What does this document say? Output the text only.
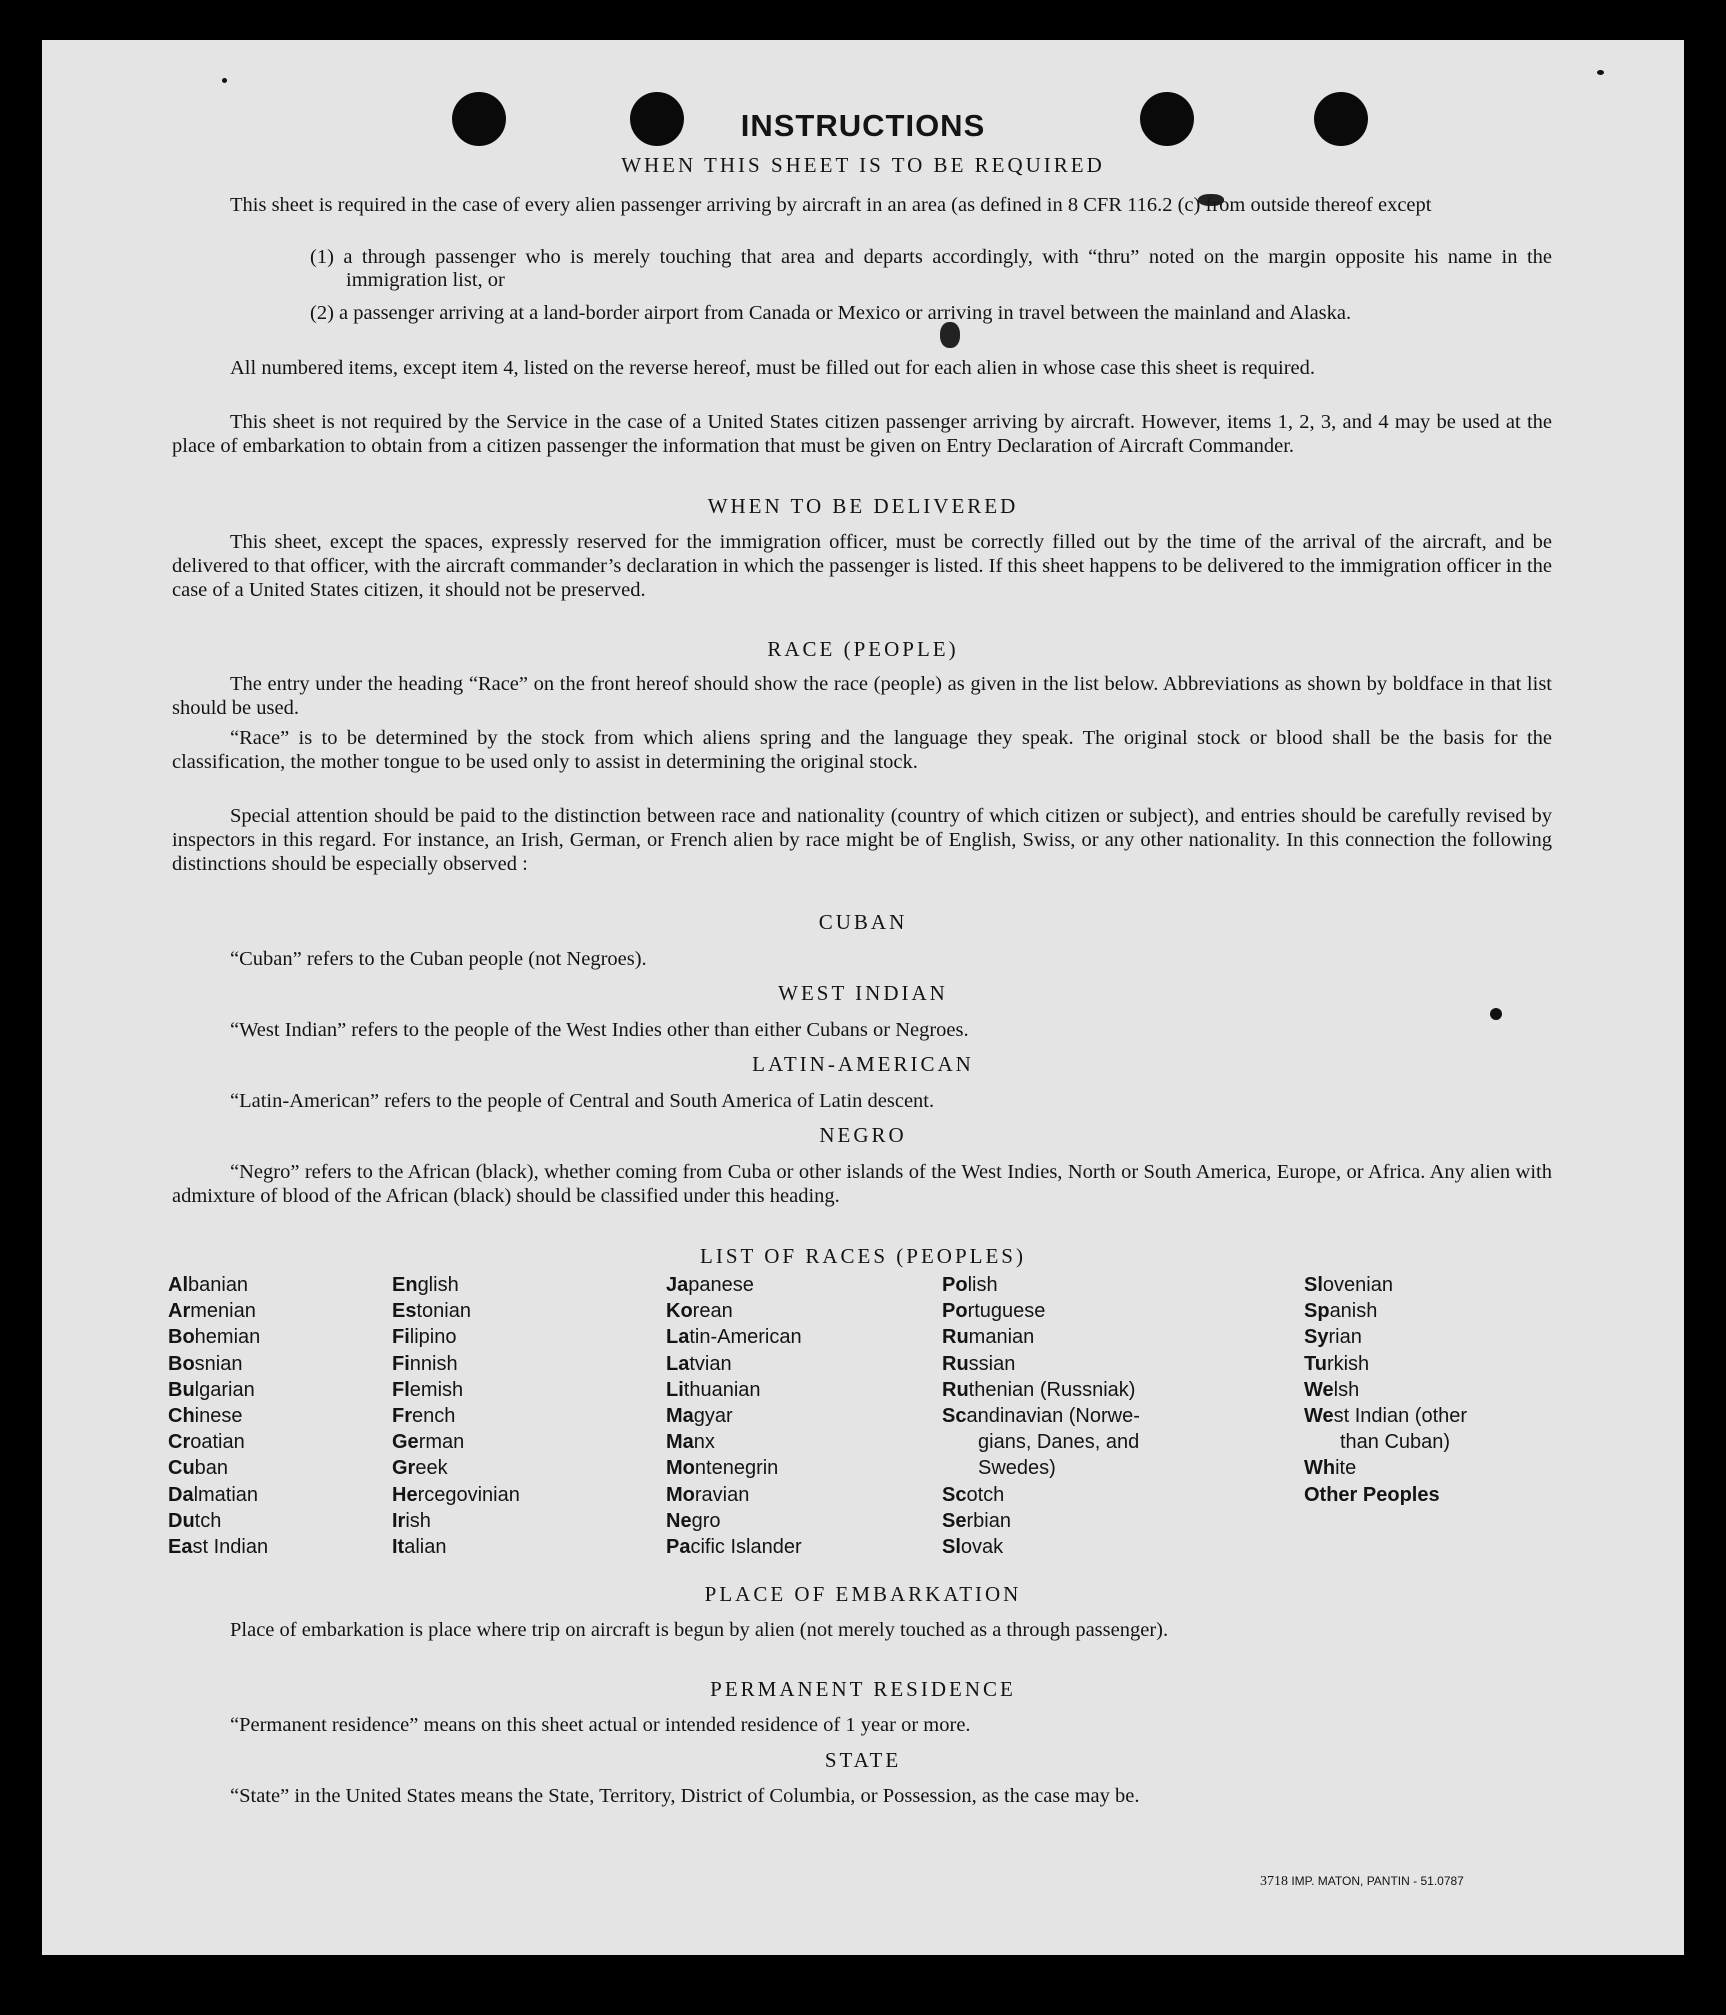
INSTRUCTIONS
WHEN THIS SHEET IS TO BE REQUIRED
This sheet is required in the case of every alien passenger arriving by aircraft in an area (as defined in 8 CFR 116.2 (c) from outside thereof except
(1) a through passenger who is merely touching that area and departs accordingly, with “thru” noted on the margin opposite his name in the immigration list, or
(2) a passenger arriving at a land-border airport from Canada or Mexico or arriving in travel between the mainland and Alaska.
All numbered items, except item 4, listed on the reverse hereof, must be filled out for each alien in whose case this sheet is required.
This sheet is not required by the Service in the case of a United States citizen passenger arriving by aircraft. However, items 1, 2, 3, and 4 may be used at the place of embarkation to obtain from a citizen passenger the information that must be given on Entry Declaration of Aircraft Commander.
WHEN TO BE DELIVERED
This sheet, except the spaces, expressly reserved for the immigration officer, must be correctly filled out by the time of the arrival of the aircraft, and be delivered to that officer, with the aircraft commander’s declaration in which the passenger is listed. If this sheet happens to be delivered to the immigration officer in the case of a United States citizen, it should not be preserved.
RACE (PEOPLE)
The entry under the heading “Race” on the front hereof should show the race (people) as given in the list below. Abbreviations as shown by boldface in that list should be used.
“Race” is to be determined by the stock from which aliens spring and the language they speak. The original stock or blood shall be the basis for the classification, the mother tongue to be used only to assist in determining the original stock.
Special attention should be paid to the distinction between race and nationality (country of which citizen or subject), and entries should be carefully revised by inspectors in this regard. For instance, an Irish, German, or French alien by race might be of English, Swiss, or any other nationality. In this connection the following distinctions should be especially observed :
CUBAN
“Cuban” refers to the Cuban people (not Negroes).
WEST INDIAN
“West Indian” refers to the people of the West Indies other than either Cubans or Negroes.
LATIN-AMERICAN
“Latin-American” refers to the people of Central and South America of Latin descent.
NEGRO
“Negro” refers to the African (black), whether coming from Cuba or other islands of the West Indies, North or South America, Europe, or Africa. Any alien with admixture of blood of the African (black) should be classified under this heading.
LIST OF RACES (PEOPLES)
Albanian
Armenian
Bohemian
Bosnian
Bulgarian
Chinese
Croatian
Cuban
Dalmatian
Dutch
East Indian
English
Estonian
Filipino
Finnish
Flemish
French
German
Greek
Hercegovinian
Irish
Italian
Japanese
Korean
Latin-American
Latvian
Lithuanian
Magyar
Manx
Montenegrin
Moravian
Negro
Pacific Islander
Polish
Portuguese
Rumanian
Russian
Ruthenian (Russniak)
Scandinavian (Norwe-
gians, Danes, and
Swedes)
Scotch
Serbian
Slovak
Slovenian
Spanish
Syrian
Turkish
Welsh
West Indian (other
than Cuban)
White
Other Peoples
PLACE OF EMBARKATION
Place of embarkation is place where trip on aircraft is begun by alien (not merely touched as a through passenger).
PERMANENT RESIDENCE
“Permanent residence” means on this sheet actual or intended residence of 1 year or more.
STATE
“State” in the United States means the State, Territory, District of Columbia, or Possession, as the case may be.
3718 IMP. MATON, PANTIN - 51.0787
